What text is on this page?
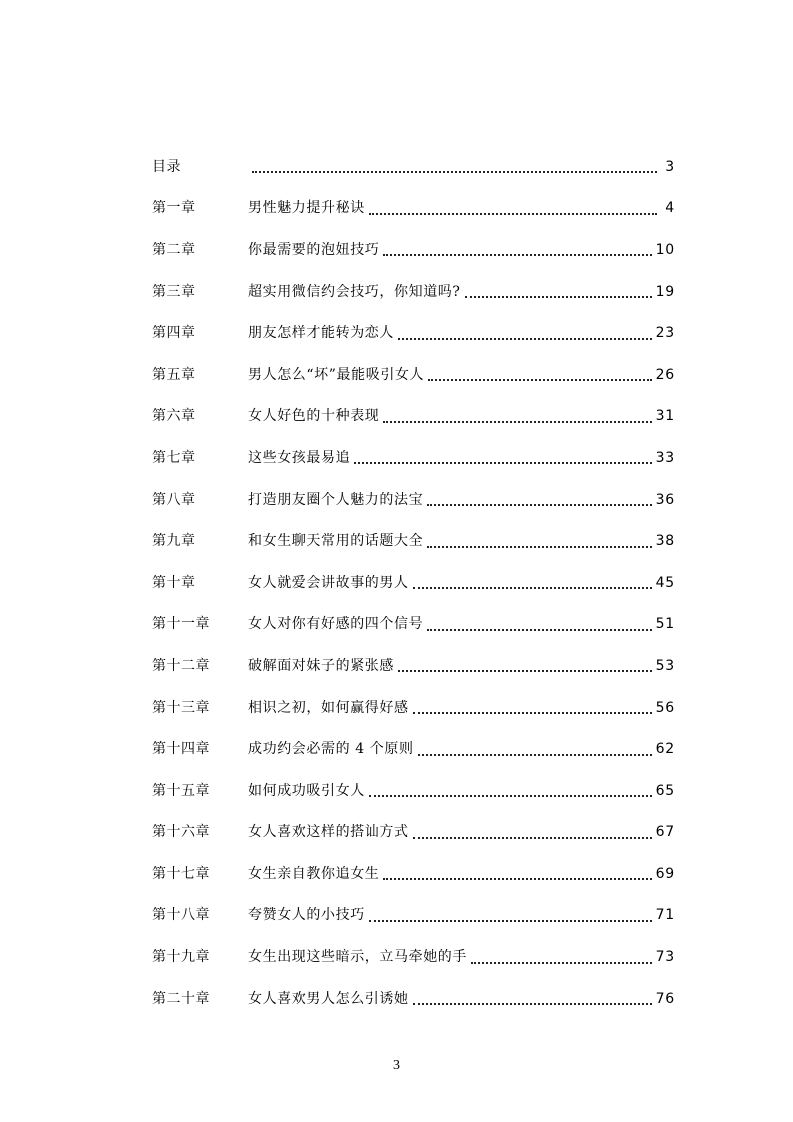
目录	3
第一章	男性魅力提升秘诀	4
第二章	你最需要的泡妞技巧	10
第三章	超实用微信约会技巧，你知道吗?	19
第四章	朋友怎样才能转为恋人	23
第五章	男人怎么“坏”最能吸引女人	26
第六章	女人好色的十种表现	31
第七章	这些女孩最易追	33
第八章	打造朋友圈个人魅力的法宝	36
第九章	和女生聊天常用的话题大全	38
第十章	女人就爱会讲故事的男人	45
第十一章	女人对你有好感的四个信号	51
第十二章	破解面对妹子的紧张感	53
第十三章	相识之初，如何赢得好感	56
第十四章	成功约会必需的 4 个原则	62
第十五章	如何成功吸引女人	65
第十六章	女人喜欢这样的搭讪方式	67
第十七章	女生亲自教你追女生	69
第十八章	夸赞女人的小技巧	71
第十九章	女生出现这些暗示，立马牵她的手	73
第二十章	女人喜欢男人怎么引诱她	76
3
